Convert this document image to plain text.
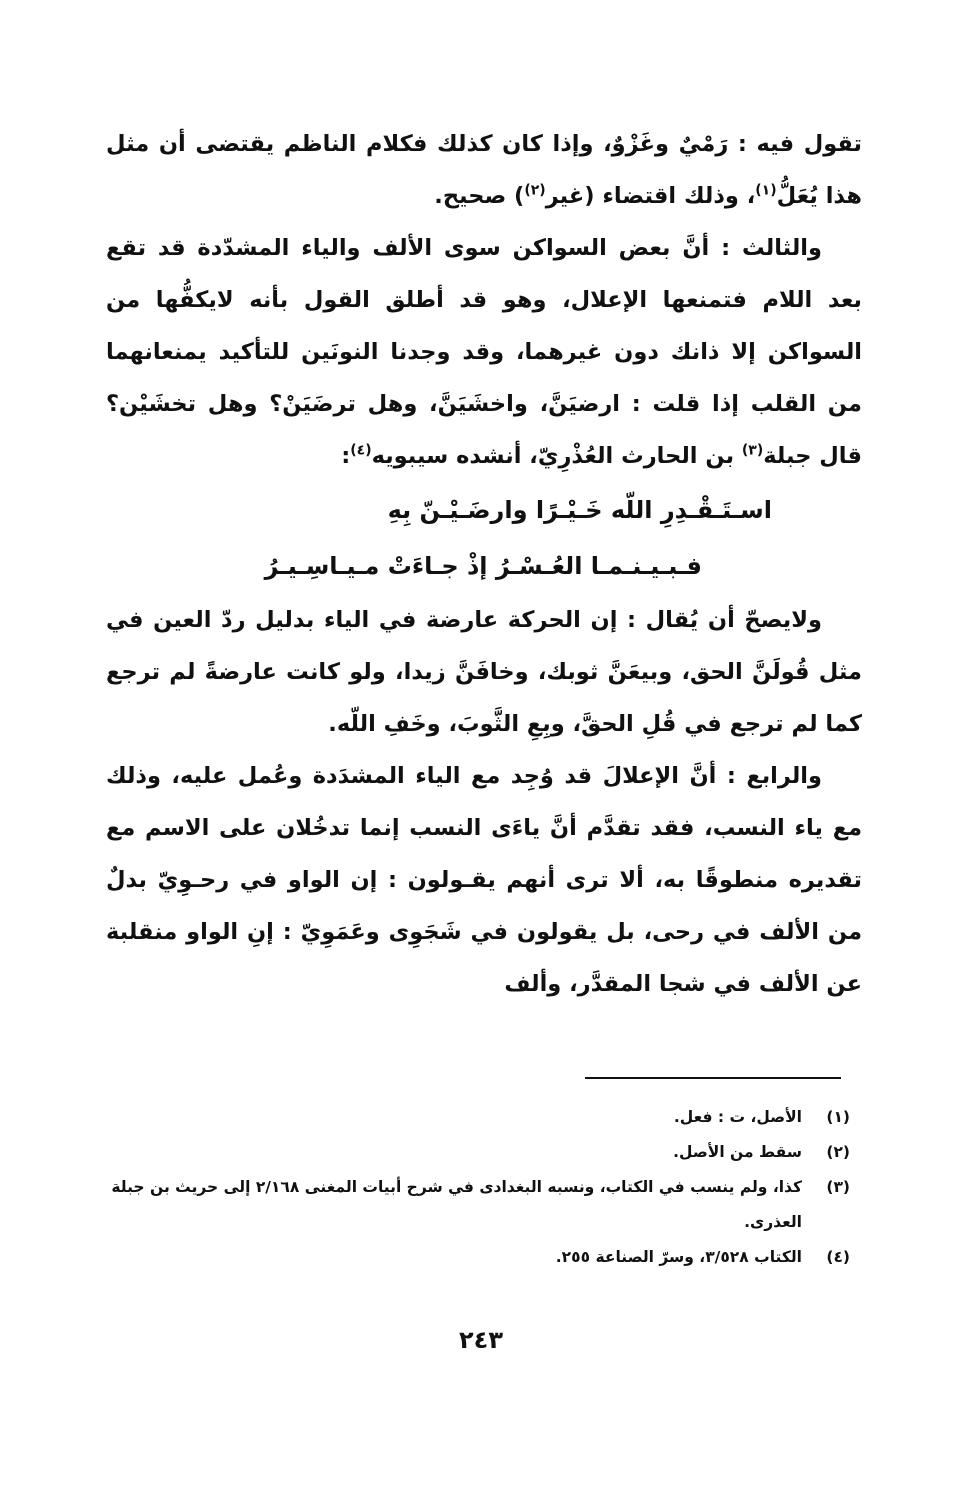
تقول فيه : رَمْيٌ وغَزْوٌ، وإذا كان كذلك فكلام الناظم يقتضى أن مثل هذا يُعَلُّ$^{(١)}$، وذلك اقتضاء (غير$^{(٢)}$) صحيح.

والثالث : أنَّ بعض السواكن سوى الألف والياء المشدّدة قد تقع بعد اللام فتمنعها الإعلال، وهو قد أطلق القول بأنه لايكفُّها من السواكن إلا ذانك دون غيرهما، وقد وجدنا النونَين للتأكيد يمنعانهما من القلب إذا قلت : ارضيَنَّ، واخشَيَنَّ، وهل ترضَيَنْ؟ وهل تخشَيْن؟ قال جبلة$^{(٣)}$ بن الحارث العُذْرِيّ، أنشده سيبويه$^{(٤)}$:

اسـتَـقْـدِرِ اللّه خَـيْـرًا وارضَـيْـنّ بِهِ

فـبـيـنـمـا العُـسْـرُ إذْ جـاءَتْ مـيـاسِـيـرُ

ولايصحّ أن يُقال : إن الحركة عارضة في الياء بدليل ردّ العين في مثل قُولَنَّ الحق، وبيعَنَّ ثوبك، وخافَنَّ زيدا، ولو كانت عارضةً لم ترجع كما لم ترجع في قُلِ الحقَّ، وبِعِ الثَّوبَ، وخَفِ اللّه.

والرابع : أنَّ الإعلالَ قد وُجِد مع الياء المشدَدة وعُمل عليه، وذلك مع ياء النسب، فقد تقدَّم أنَّ ياءَى النسب إنما تدخُلان على الاسم مع تقديره منطوقًا به، ألا ترى أنهم يقـولون : إن الواو في رحـوِيّ بدلٌ من الألف في رحى، بل يقولون في شَجَوِى وعَمَوِيّ : إنِ الواو منقلبة عن الألف في شجا المقدَّر، وألف

(١)
الأصل، ت : فعل.
(٢)
سقط من الأصل.
(٣)
كذا، ولم ينسب في الكتاب، ونسبه البغدادى في شرح أبيات المغنى ٢/١٦٨ إلى حريث بن جبلة العذرى.
(٤)
الكتاب ٣/٥٢٨، وسرّ الصناعة ٢٥٥.
٢٤٣
